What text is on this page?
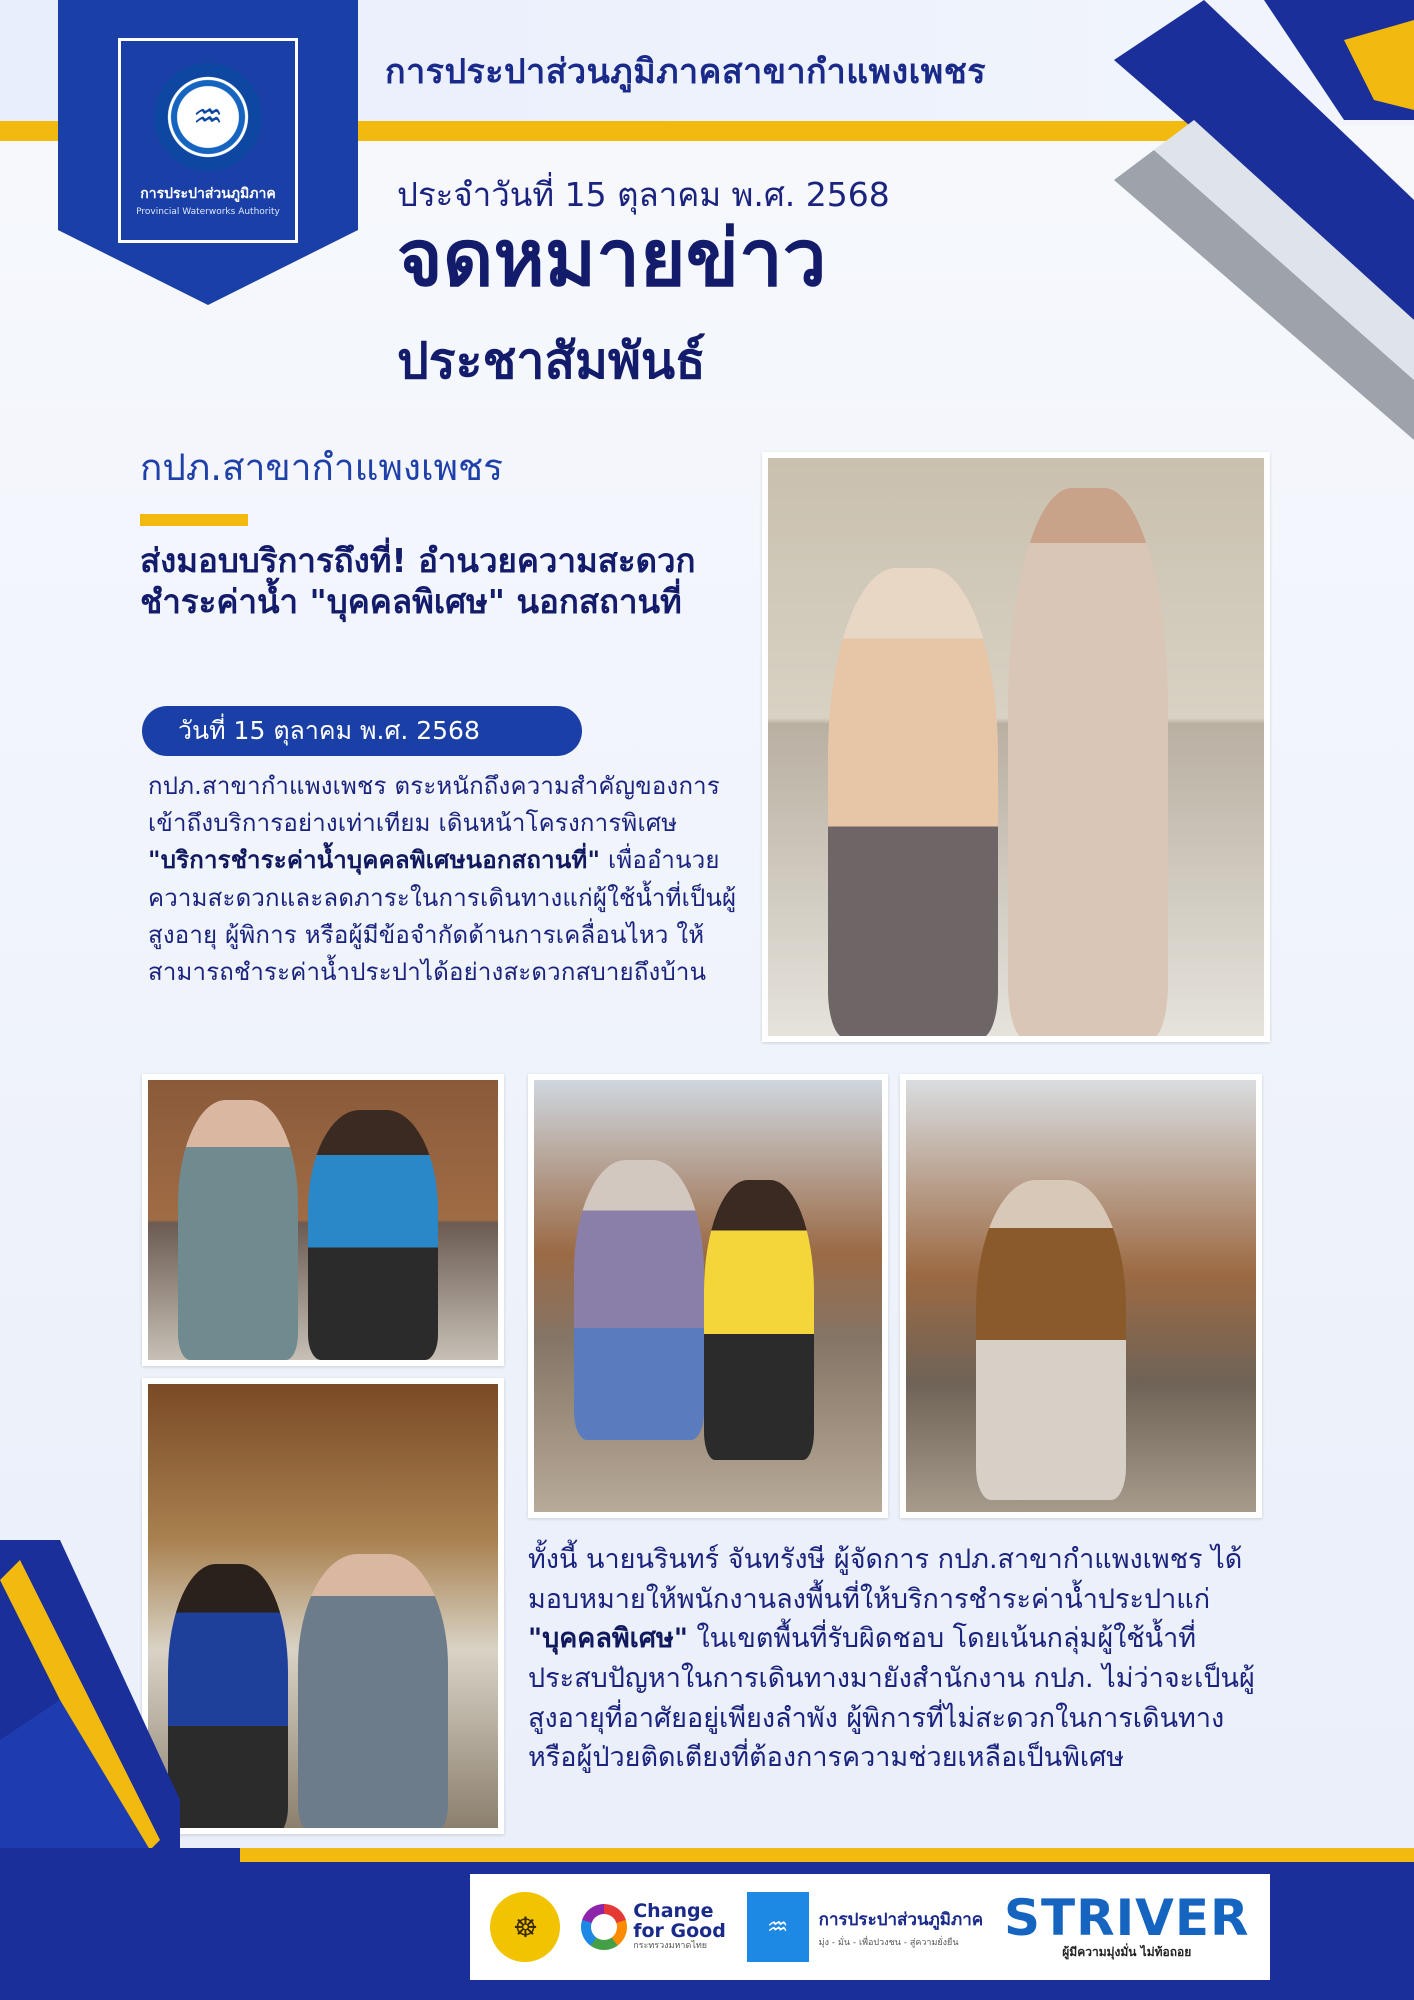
♒
การประปาส่วนภูมิภาค
Provincial Waterworks Authority
การประปาส่วนภูมิภาคสาขากำแพงเพชร
ประจำวันที่ 15 ตุลาคม พ.ศ. 2568
จดหมายข่าว
ประชาสัมพันธ์
กปภ.สาขากำแพงเพชร
ส่งมอบบริการถึงที่! อำนวยความสะดวกชำระค่าน้ำ "บุคคลพิเศษ" นอกสถานที่
วันที่ 15 ตุลาคม พ.ศ. 2568
กปภ.สาขากำแพงเพชร ตระหนักถึงความสำคัญของการเข้าถึงบริการอย่างเท่าเทียม เดินหน้าโครงการพิเศษ "บริการชำระค่าน้ำบุคคลพิเศษนอกสถานที่" เพื่ออำนวยความสะดวกและลดภาระในการเดินทางแก่ผู้ใช้น้ำที่เป็นผู้สูงอายุ ผู้พิการ หรือผู้มีข้อจำกัดด้านการเคลื่อนไหว ให้สามารถชำระค่าน้ำประปาได้อย่างสะดวกสบายถึงบ้าน
ทั้งนี้ นายนรินทร์ จันทรังษี ผู้จัดการ กปภ.สาขากำแพงเพชร ได้มอบหมายให้พนักงานลงพื้นที่ให้บริการชำระค่าน้ำประปาแก่ "บุคคลพิเศษ" ในเขตพื้นที่รับผิดชอบ โดยเน้นกลุ่มผู้ใช้น้ำที่ประสบปัญหาในการเดินทางมายังสำนักงาน กปภ. ไม่ว่าจะเป็นผู้สูงอายุที่อาศัยอยู่เพียงลำพัง ผู้พิการที่ไม่สะดวกในการเดินทาง หรือผู้ป่วยติดเตียงที่ต้องการความช่วยเหลือเป็นพิเศษ
☸	Change
for Good
กระทรวงมหาดไทย
♒	การประปาส่วนภูมิภาค
มุ่ง - มั่น - เพื่อปวงชน - สู่ความยั่งยืน STRIVER
ผู้มีความมุ่งมั่น ไม่ท้อถอย
